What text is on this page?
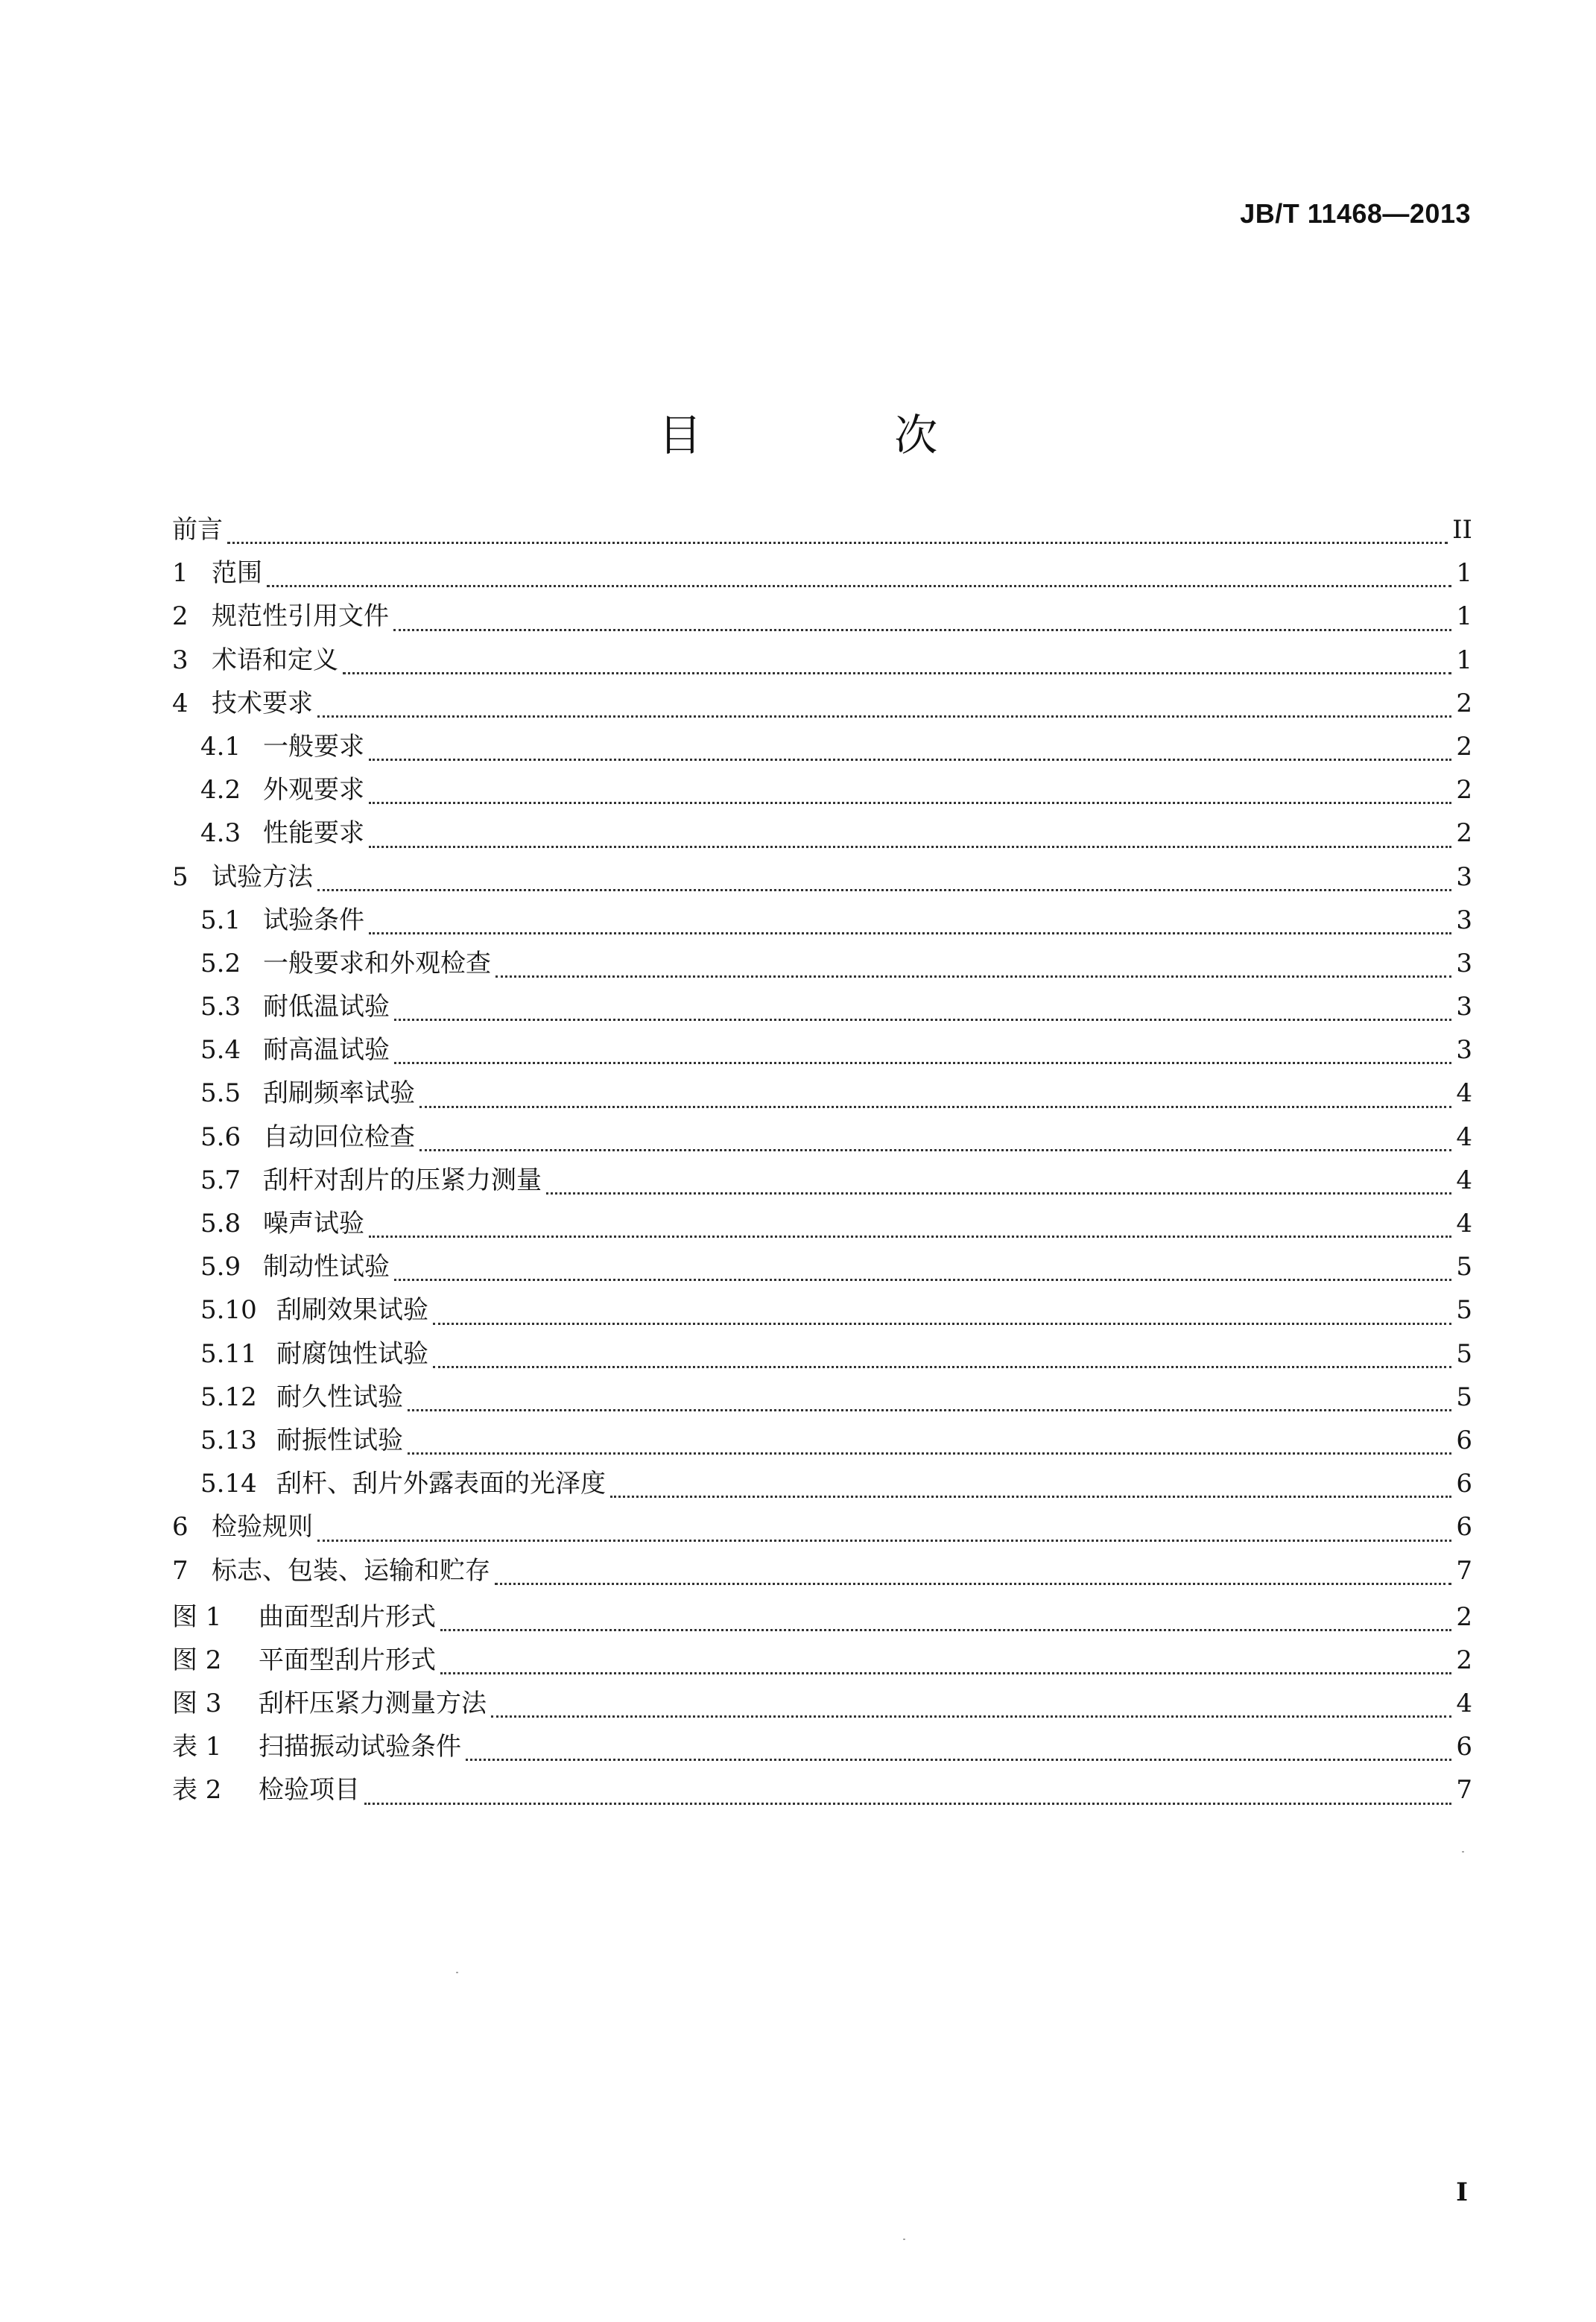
JB/T 11468—2013
目 次
前言	II
1 范围	1
2 规范性引用文件	1
3 术语和定义	1
4 技术要求	2
4.1 一般要求	2
4.2 外观要求	2
4.3 性能要求	2
5 试验方法	3
5.1 试验条件	3
5.2 一般要求和外观检查	3
5.3 耐低温试验	3
5.4 耐高温试验	3
5.5 刮刷频率试验	4
5.6 自动回位检查	4
5.7 刮杆对刮片的压紧力测量	4
5.8 噪声试验	4
5.9 制动性试验	5
5.10 刮刷效果试验	5
5.11 耐腐蚀性试验	5
5.12 耐久性试验	5
5.13 耐振性试验	6
5.14 刮杆、刮片外露表面的光泽度	6
6 检验规则	6
7 标志、包装、运输和贮存	7
图 1	曲面型刮片形式	2
图 2	平面型刮片形式	2
图 3	刮杆压紧力测量方法	4
表 1	扫描振动试验条件	6
表 2	检验项目	7
I
